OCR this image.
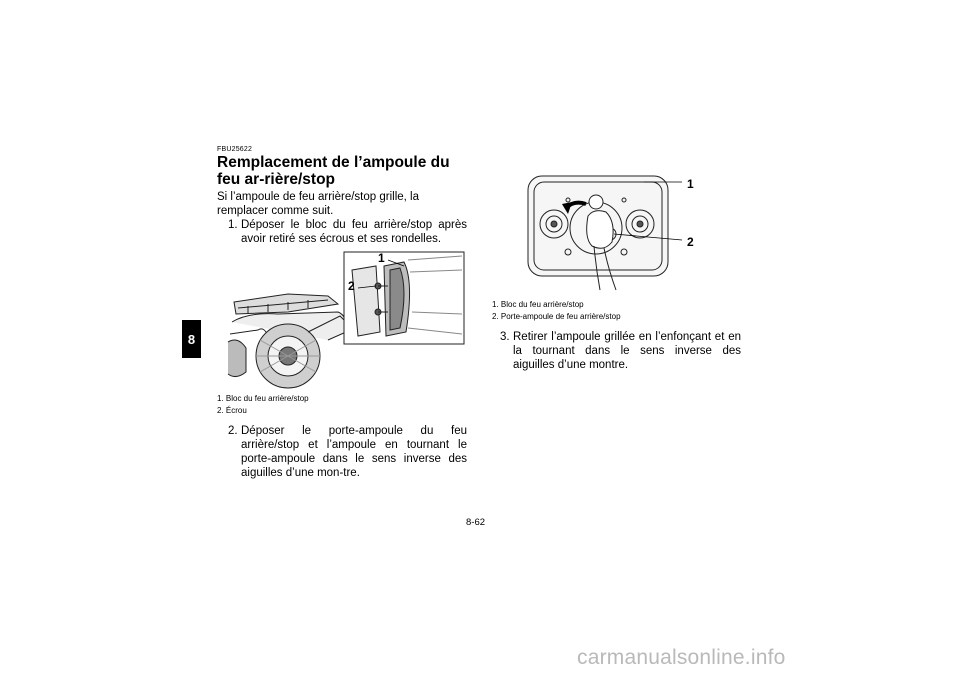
8
FBU25622
Remplacement de l’ampoule du feu ar-rière/stop
Si l’ampoule de feu arrière/stop grille, la remplacer comme suit.
1. Déposer le bloc du feu arrière/stop après avoir retiré ses écrous et ses rondelles.
1
2
1. Bloc du feu arrière/stop
2. Écrou
2. Déposer le porte-ampoule du feu arrière/stop et l’ampoule en tournant le porte-ampoule dans le sens inverse des aiguilles d’une mon-tre.
1
2
1. Bloc du feu arrière/stop
2. Porte-ampoule de feu arrière/stop
3. Retirer l’ampoule grillée en l’enfonçant et en la tournant dans le sens inverse des aiguilles d’une montre.
8-62
carmanualsonline.info
